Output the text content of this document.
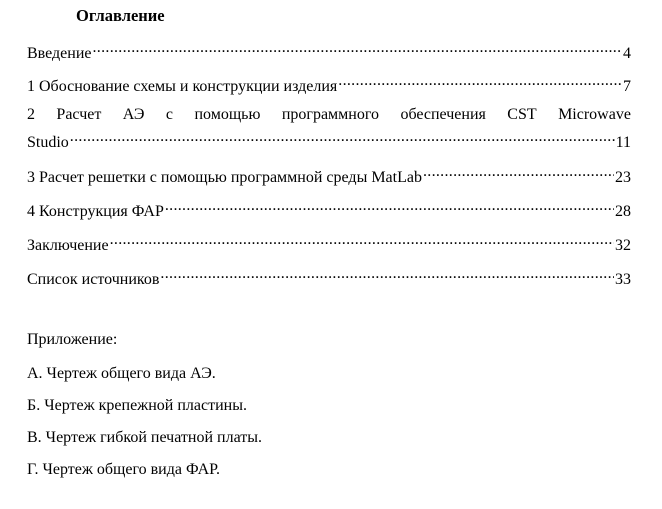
Оглавление
Введение .....	4
1 Обоснование схемы и конструкции изделия .....	7
2 Расчет АЭ с помощью программного обеспечения CST Microwave
Studio .....	11
3 Расчет решетки с помощью программной среды MatLab .....	23
4 Конструкция ФАР .....	28
Заключение .....	32
Список источников .....	33
Приложение:
А. Чертеж общего вида АЭ.
Б. Чертеж крепежной пластины.
В. Чертеж гибкой печатной платы.
Г. Чертеж общего вида ФАР.
